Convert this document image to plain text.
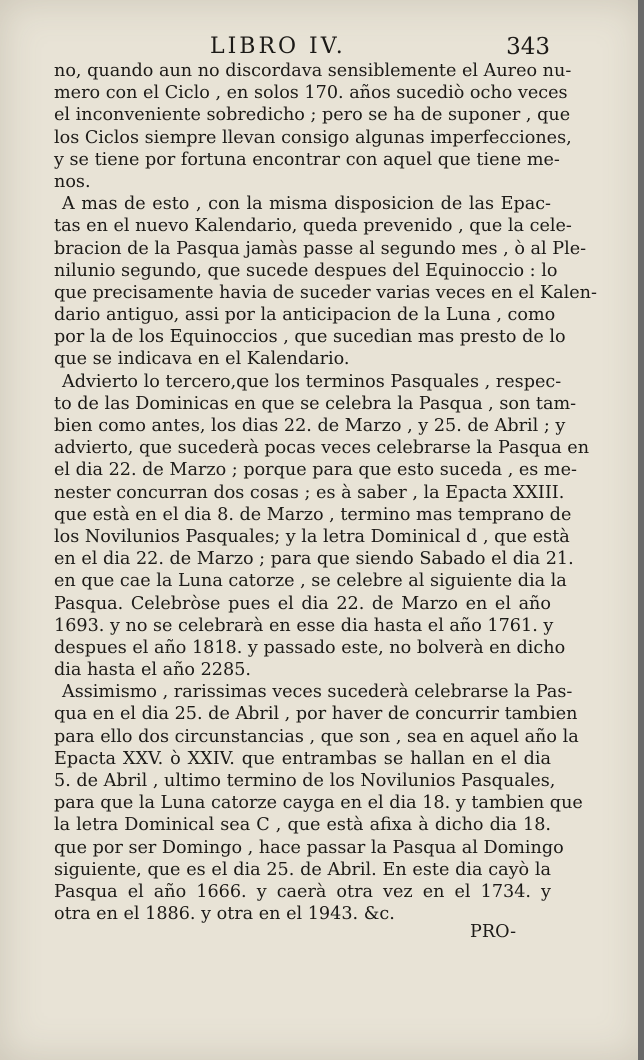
LIBRO IV.	343
no, quando aun no discordava sensiblemente el Aureo nu-
mero con el Ciclo , en solos 170. años sucediò ocho veces
el inconveniente sobredicho ; pero se ha de suponer , que
los Ciclos siempre llevan consigo algunas imperfecciones,
y se tiene por fortuna encontrar con aquel que tiene me-
nos.
A mas de esto , con la misma disposicion de las Epac-
tas en el nuevo Kalendario, queda prevenido , que la cele-
bracion de la Pasqua jamàs passe al segundo mes , ò al Ple-
nilunio segundo, que sucede despues del Equinoccio : lo
que precisamente havia de suceder varias veces en el Kalen-
dario antiguo, assi por la anticipacion de la Luna , como
por la de los Equinoccios , que sucedian mas presto de lo
que se indicava en el Kalendario.
Advierto lo tercero,que los terminos Pasquales , respec-
to de las Dominicas en que se celebra la Pasqua , son tam-
bien como antes, los dias 22. de Marzo , y 25. de Abril ; y
advierto, que sucederà pocas veces celebrarse la Pasqua en
el dia 22. de Marzo ; porque para que esto suceda , es me-
nester concurran dos cosas ; es à saber , la Epacta XXIII.
que està en el dia 8. de Marzo , termino mas temprano de
los Novilunios Pasquales; y la letra Dominical d , que està
en el dia 22. de Marzo ; para que siendo Sabado el dia 21.
en que cae la Luna catorze , se celebre al siguiente dia la
Pasqua. Celebròse pues el dia 22. de Marzo en el año
1693. y no se celebrarà en esse dia hasta el año 1761. y
despues el año 1818. y passado este, no bolverà en dicho
dia hasta el año 2285.
Assimismo , rarissimas veces sucederà celebrarse la Pas-
qua en el dia 25. de Abril , por haver de concurrir tambien
para ello dos circunstancias , que son , sea en aquel año la
Epacta XXV. ò XXIV. que entrambas se hallan en el dia
5. de Abril , ultimo termino de los Novilunios Pasquales,
para que la Luna catorze cayga en el dia 18. y tambien que
la letra Dominical sea C , que està afixa à dicho dia 18.
que por ser Domingo , hace passar la Pasqua al Domingo
siguiente, que es el dia 25. de Abril. En este dia cayò la
Pasqua el año 1666. y caerà otra vez en el 1734. y
otra en el 1886. y otra en el 1943. &c.
PRO-
